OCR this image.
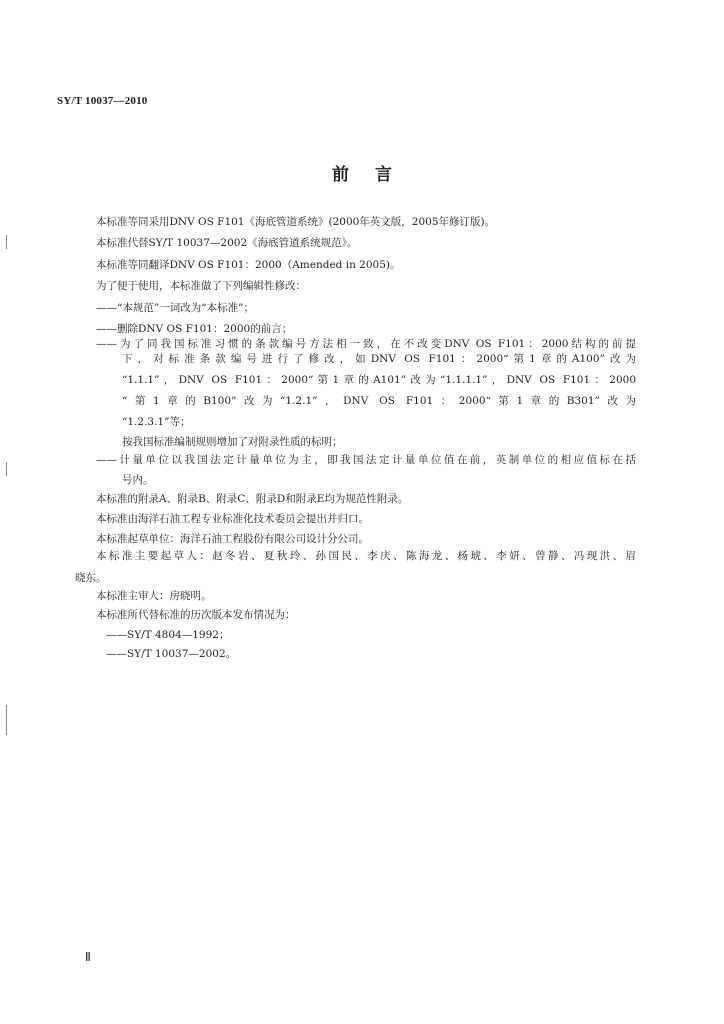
SY/T 10037—2010
前言
本标准等同采用DNV OS F101《海底管道系统》(2000年英文版，2005年修订版)。
本标准代替SY/T 10037—2002《海底管道系统规范》。
本标准等同翻译DNV OS F101：2000（Amended in 2005)。
为了便于使用，本标准做了下列编辑性修改：
——“本规范”一词改为“本标准”；
——删除DNV OS F101：2000的前言；
——为了同我国标准习惯的条款编号方法相一致，在不改变DNV OS F101：2000结构的前提
下，对标准条款编号进行了修改，如DNV OS F101：2000“第1章的A100”改为
“1.1.1”，DNV OS F101：2000“第1章的A101”改为“1.1.1.1”，DNV OS F101：2000
“第1章的B100”改为“1.2.1”，DNV OS F101：2000“第1章的B301”改为
“1.2.3.1”等；
按我国标准编制规则增加了对附录性质的标明；
——计量单位以我国法定计量单位为主，即我国法定计量单位值在前，英制单位的相应值标在括
号内。
本标准的附录A、附录B、附录C、附录D和附录E均为规范性附录。
本标准由海洋石油工程专业标准化技术委员会提出并归口。
本标准起草单位：海洋石油工程股份有限公司设计分公司。
本标准主要起草人：赵冬岩、夏秋玲、孙国民、李庆、陈海龙、杨琥、李妍、曾静、冯现洪、眉
晓东。
本标准主审人：房晓明。
本标准所代替标准的历次版本发布情况为：
——SY/T 4804—1992；
——SY/T 10037—2002。
Ⅱ
